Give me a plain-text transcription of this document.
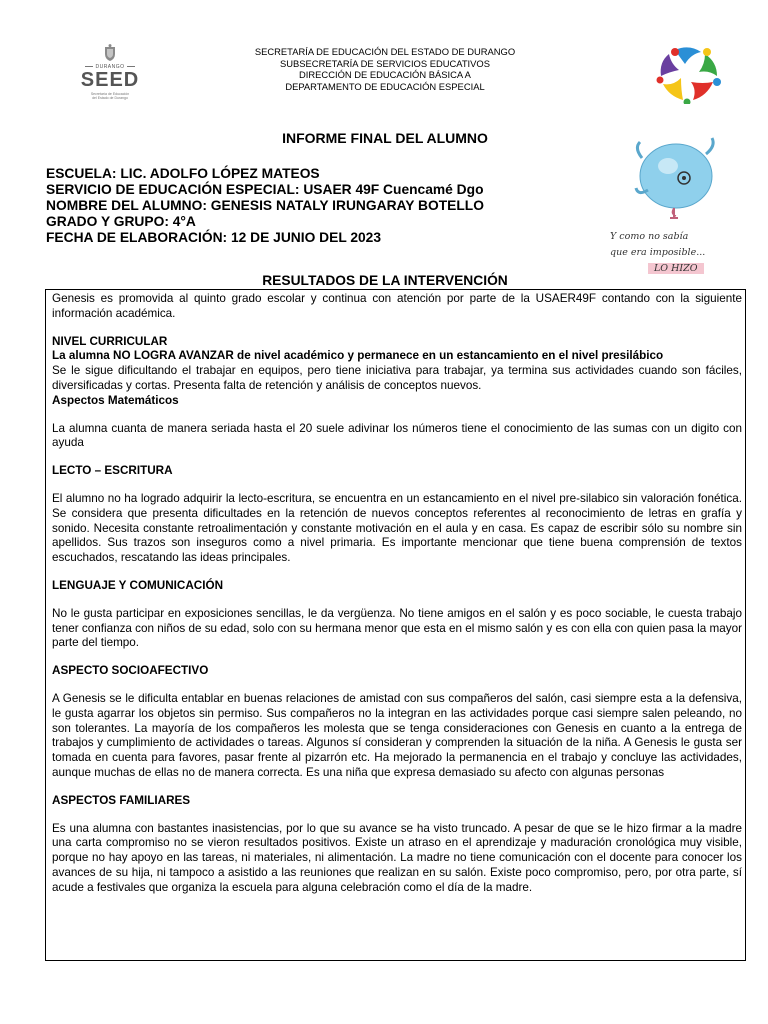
DURANGO
SEED
Secretaría de Educación
del Estado de Durango
SECRETARÍA DE EDUCACIÓN DEL ESTADO DE DURANGO
SUBSECRETARÍA DE SERVICIOS EDUCATIVOS
DIRECCIÓN DE EDUCACIÓN BÁSICA A
DEPARTAMENTO DE EDUCACIÓN ESPECIAL
Y como no sabía
que era imposible...
LO HIZO
INFORME FINAL DEL ALUMNO
ESCUELA: LIC. ADOLFO LÓPEZ MATEOS
SERVICIO DE EDUCACIÓN ESPECIAL: USAER 49F Cuencamé Dgo
NOMBRE DEL ALUMNO: GENESIS NATALY IRUNGARAY BOTELLO
GRADO Y GRUPO: 4°A
FECHA DE ELABORACIÓN: 12 DE JUNIO DEL 2023
RESULTADOS DE LA INTERVENCIÓN

Genesis es promovida al quinto grado escolar y continua con atención por parte de la USAER49F contando con la siguiente información académica.

NIVEL CURRICULAR

La alumna NO LOGRA AVANZAR de nivel académico y permanece en un estancamiento en el nivel presilábico

Se le sigue dificultando el trabajar en equipos, pero tiene iniciativa para trabajar, ya termina sus actividades cuando son fáciles, diversificadas y cortas. Presenta falta de retención y análisis de conceptos nuevos.

Aspectos Matemáticos

La alumna cuanta de manera seriada hasta el 20 suele adivinar los números tiene el conocimiento de las sumas con un digito con ayuda

LECTO – ESCRITURA

El alumno no ha logrado adquirir la lecto-escritura, se encuentra en un estancamiento en el nivel pre-silabico sin valoración fonética. Se considera que presenta dificultades en la retención de nuevos conceptos referentes al reconocimiento de letras en grafía y sonido. Necesita constante retroalimentación y constante motivación en el aula y en casa. Es capaz de escribir sólo su nombre sin apellidos. Sus trazos son inseguros como a nivel primaria. Es importante mencionar que tiene buena comprensión de textos escuchados, rescatando las ideas principales.

LENGUAJE Y COMUNICACIÓN

No le gusta participar en exposiciones sencillas, le da vergüenza. No tiene amigos en el salón y es poco sociable, le cuesta trabajo tener confianza con niños de su edad, solo con su hermana menor que esta en el mismo salón y es con ella con quien pasa la mayor parte del tiempo.

ASPECTO SOCIOAFECTIVO

A Genesis se le dificulta entablar en buenas relaciones de amistad con sus compañeros del salón, casi siempre esta a la defensiva, le gusta agarrar los objetos sin permiso. Sus compañeros no la integran en las actividades porque casi siempre salen peleando, no son tolerantes. La mayoría de los compañeros les molesta que se tenga consideraciones con Genesis en cuanto a la entrega de trabajos y cumplimiento de actividades o tareas. Algunos sí consideran y comprenden la situación de la niña. A Genesis le gusta ser tomada en cuenta para favores, pasar frente al pizarrón etc. Ha mejorado la permanencia en el trabajo y concluye las actividades, aunque muchas de ellas no de manera correcta. Es una niña que expresa demasiado su afecto con algunas personas

ASPECTOS FAMILIARES

Es una alumna con bastantes inasistencias, por lo que su avance se ha visto truncado. A pesar de que se le hizo firmar a la madre una carta compromiso no se vieron resultados positivos. Existe un atraso en el aprendizaje y maduración cronológica muy visible, porque no hay apoyo en las tareas, ni materiales, ni alimentación. La madre no tiene comunicación con el docente para conocer los avances de su hija, ni tampoco a asistido a las reuniones que realizan en su salón. Existe poco compromiso, pero, por otra parte, sí acude a festivales que organiza la escuela para alguna celebración como el día de la madre.
